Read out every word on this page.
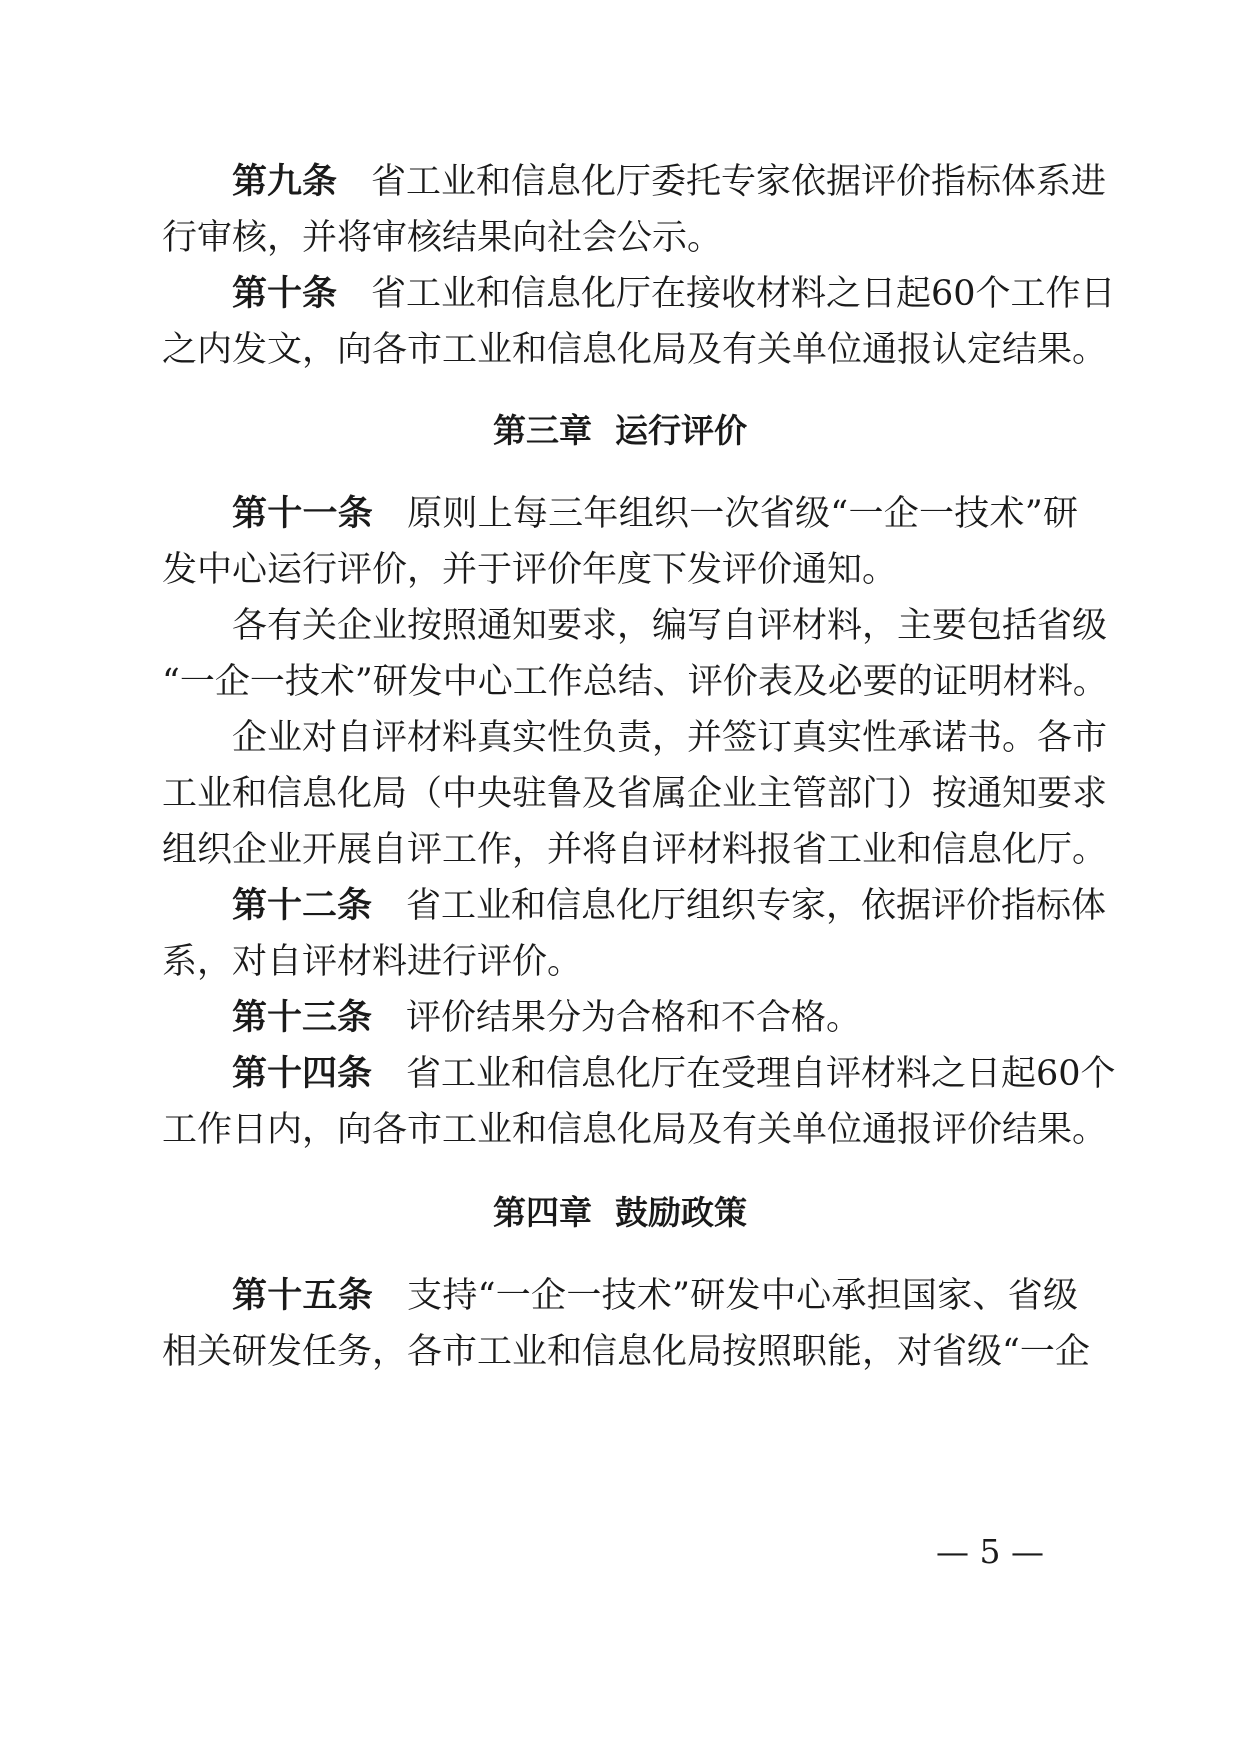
第九条 省工业和信息化厅委托专家依据评价指标体系进
行审核，并将审核结果向社会公示。
第十条 省工业和信息化厅在接收材料之日起60个工作日
之内发文，向各市工业和信息化局及有关单位通报认定结果。
第三章 运行评价
第十一条 原则上每三年组织一次省级“一企一技术”研
发中心运行评价，并于评价年度下发评价通知。
各有关企业按照通知要求，编写自评材料，主要包括省级
“一企一技术”研发中心工作总结、评价表及必要的证明材料。
企业对自评材料真实性负责，并签订真实性承诺书。各市
工业和信息化局（中央驻鲁及省属企业主管部门）按通知要求
组织企业开展自评工作，并将自评材料报省工业和信息化厅。
第十二条 省工业和信息化厅组织专家，依据评价指标体
系，对自评材料进行评价。
第十三条 评价结果分为合格和不合格。
第十四条 省工业和信息化厅在受理自评材料之日起60个
工作日内，向各市工业和信息化局及有关单位通报评价结果。
第四章 鼓励政策
第十五条 支持“一企一技术”研发中心承担国家、省级
相关研发任务，各市工业和信息化局按照职能，对省级“一企
— 5 —
